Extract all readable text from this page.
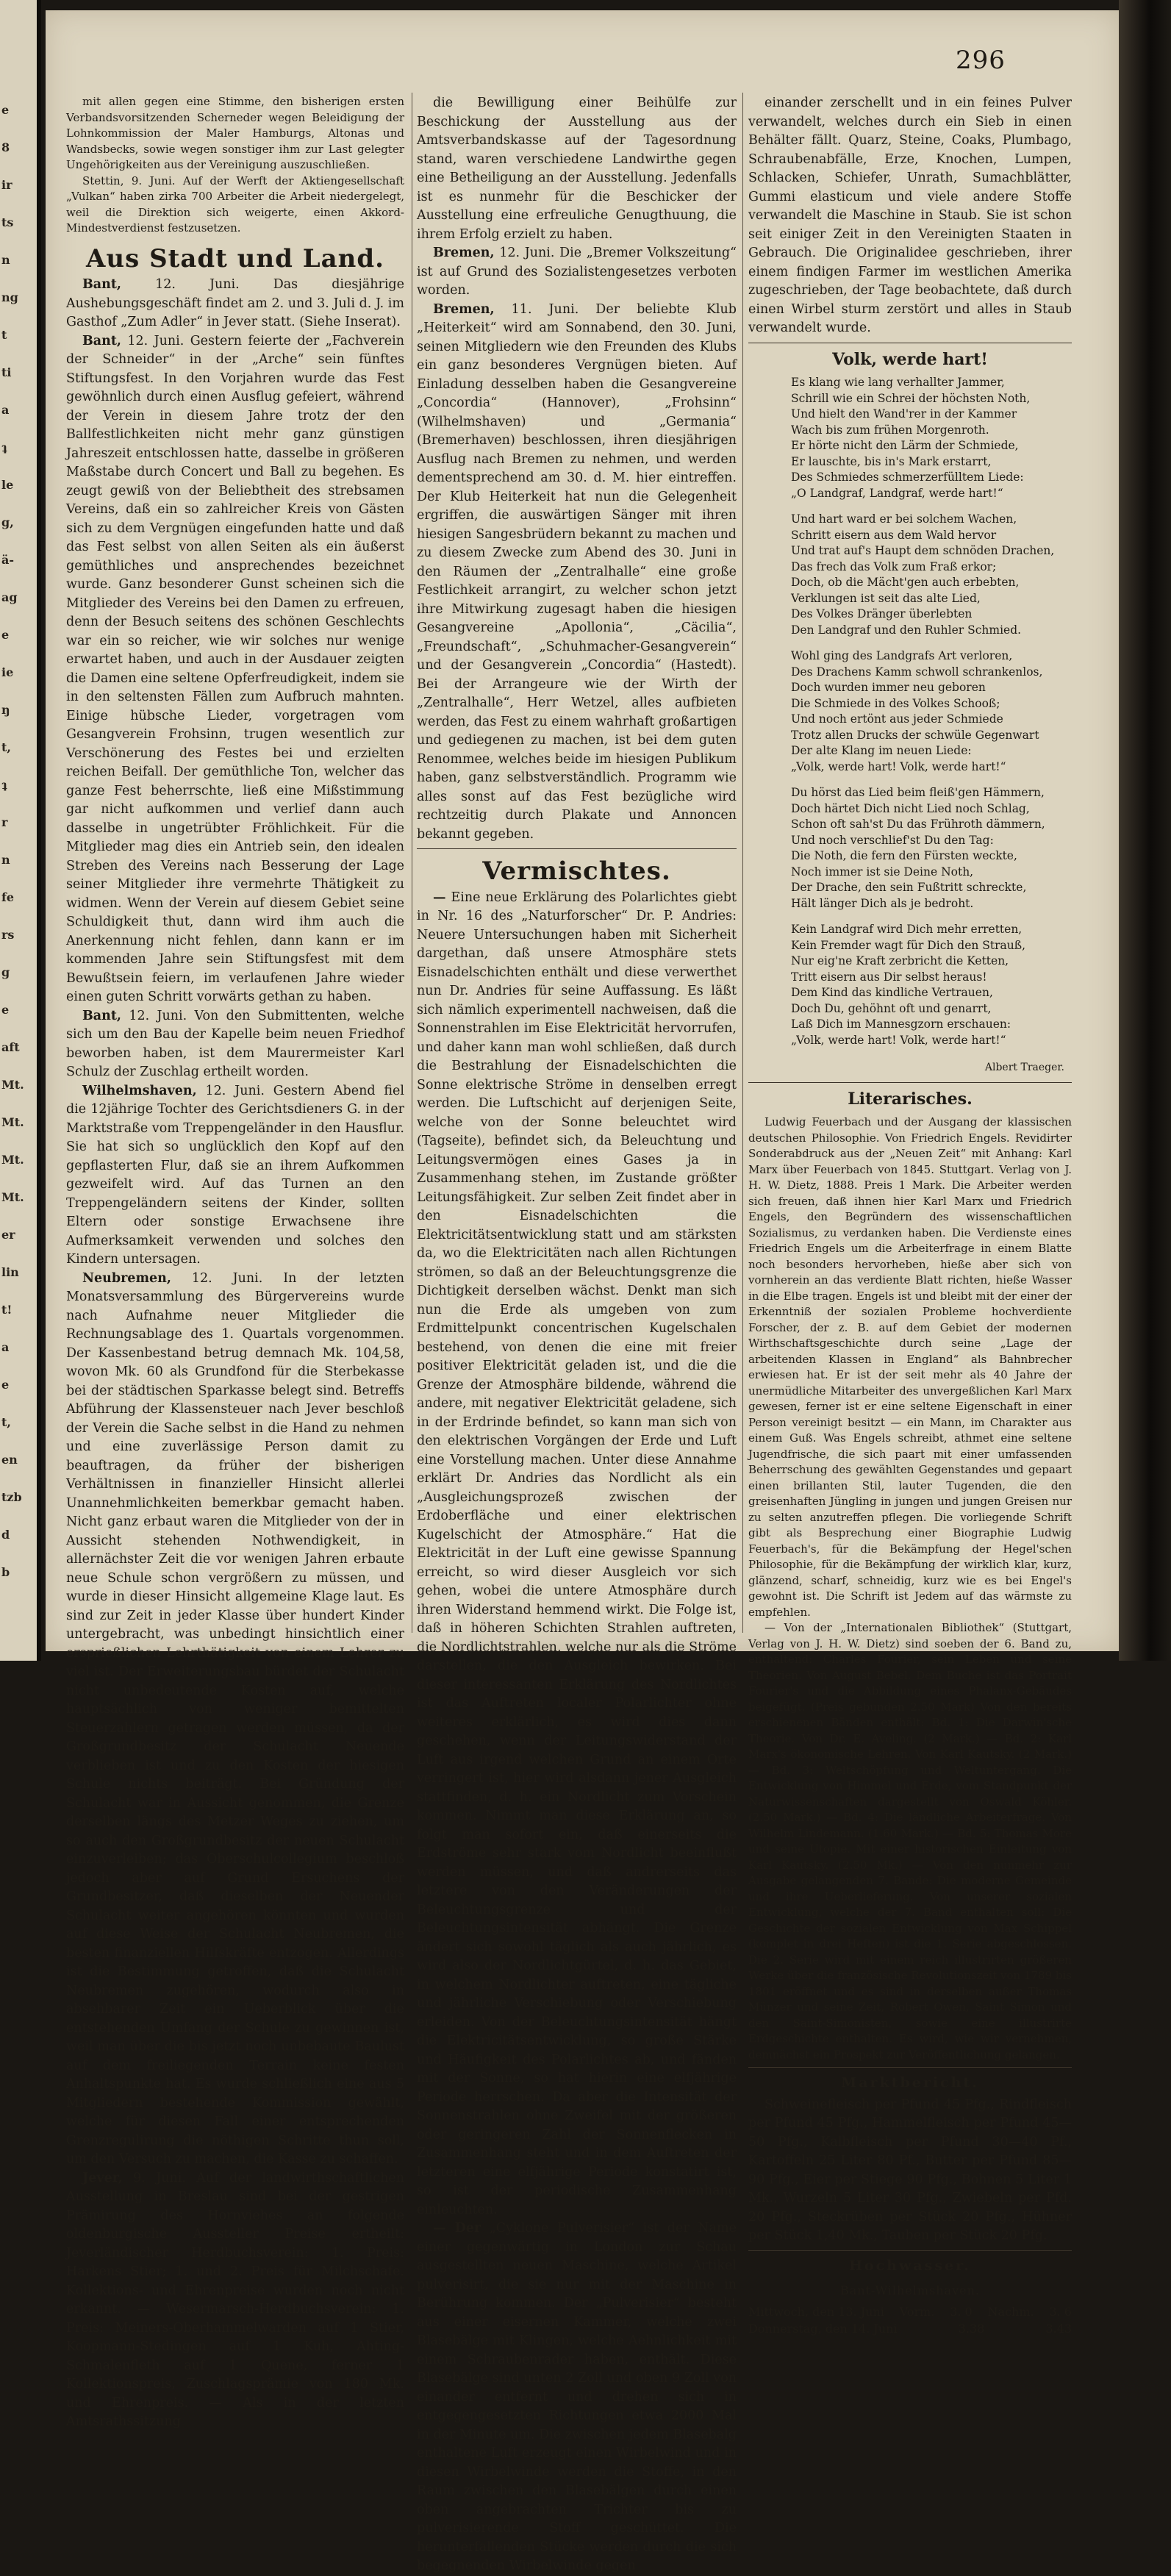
e
8
ir
ts
n
ng
t
ti
a
ʇ
le
g,
ä-
ag
e
ie
ŋ
t,
ʇ
r
n
fe
rs
g
e
aft
Mt.
Mt.
Mt.
Mt.
er
lin
t!
a
e
t,
en
tzb
d
b
296

mit allen gegen eine Stimme, den bisherigen ersten Verbandsvorsitzenden Scherneder wegen Beleidigung der Lohnkommission der Maler Hamburgs, Altonas und Wandsbecks, sowie wegen sonstiger ihm zur Last gelegter Ungehörigkeiten aus der Vereinigung auszuschließen.

Stettin, 9. Juni. Auf der Werft der Aktiengesellschaft „Vulkan“ haben zirka 700 Arbeiter die Arbeit niedergelegt, weil die Direktion sich weigerte, einen Akkord-Mindestverdienst festzusetzen.

Aus Stadt und Land.

Bant,	12. Juni. Das diesjährige Aushebungsgeschäft findet am 2. und 3. Juli d. J. im Gasthof „Zum Adler“ in Jever statt. (Siehe Inserat).

Bant, 12. Juni. Gestern feierte der „Fachverein der Schneider“ in der „Arche“ sein fünftes Stiftungsfest. In den Vorjahren wurde das Fest gewöhnlich durch einen Ausflug gefeiert, während der Verein in diesem Jahre trotz der den Ballfestlichkeiten nicht mehr ganz günstigen Jahreszeit entschlossen hatte, dasselbe in größeren Maßstabe durch Concert und Ball zu begehen. Es zeugt gewiß von der Beliebtheit des strebsamen Vereins, daß ein so zahlreicher Kreis von Gästen sich zu dem Vergnügen eingefunden hatte und daß das Fest selbst von allen Seiten als ein äußerst gemüthliches und ansprechendes bezeichnet wurde. Ganz besonderer Gunst scheinen sich die Mitglieder des Vereins bei den Damen zu erfreuen, denn der Besuch seitens des schönen Geschlechts war ein so reicher, wie wir solches nur wenige erwartet haben, und auch in der Ausdauer zeigten die Damen eine seltene Opferfreudigkeit, indem sie in den seltensten Fällen zum Aufbruch mahnten. Einige hübsche Lieder, vorgetragen vom Gesangverein Frohsinn, trugen wesentlich zur Verschönerung des Festes bei und erzielten reichen Beifall. Der gemüthliche Ton, welcher das ganze Fest beherrschte, ließ eine Mißstimmung gar nicht aufkommen und verlief dann auch dasselbe in ungetrübter Fröhlichkeit. Für die Mitglieder mag dies ein Antrieb sein, den idealen Streben des Vereins nach Besserung der Lage seiner Mitglieder ihre vermehrte Thätigkeit zu widmen. Wenn der Verein auf diesem Gebiet seine Schuldigkeit thut, dann wird ihm auch die Anerkennung nicht fehlen, dann kann er im kommenden Jahre sein Stiftungsfest mit dem Bewußtsein feiern, im verlaufenen Jahre wieder einen guten Schritt vorwärts gethan zu haben.

Bant, 12. Juni. Von den Submittenten, welche sich um den Bau der Kapelle beim neuen Friedhof beworben haben, ist dem Maurermeister Karl Schulz der Zuschlag ertheilt worden.

Wilhelmshaven, 12. Juni. Gestern Abend fiel die 12jährige Tochter des Gerichtsdieners G. in der Marktstraße vom Treppengeländer in den Hausflur. Sie hat sich so unglücklich den Kopf auf den gepflasterten Flur, daß sie an ihrem Aufkommen gezweifelt wird. Auf das Turnen an den Treppengeländern seitens der Kinder, sollten Eltern oder sonstige Erwachsene ihre Aufmerksamkeit verwenden und solches den Kindern untersagen.

Neubremen, 12. Juni. In der letzten Monatsversammlung des Bürgervereins wurde nach Aufnahme neuer Mitglieder die Rechnungsablage des 1. Quartals vorgenommen. Der Kassenbestand betrug demnach Mk. 104,58, wovon Mk. 60 als Grundfond für die Sterbekasse bei der städtischen Sparkasse belegt sind. Betreffs Abführung der Klassensteuer nach Jever beschloß der Verein die Sache selbst in die Hand zu nehmen und eine zuverlässige Person damit zu beauftragen, da früher der bisherigen Verhältnissen in finanzieller Hinsicht allerlei Unannehmlichkeiten bemerkbar gemacht haben. Nicht ganz erbaut waren die Mitglieder von der in Aussicht stehenden Nothwendigkeit, in allernächster Zeit die vor wenigen Jahren erbaute neue Schule schon vergrößern zu müssen, und wurde in dieser Hinsicht allgemeine Klage laut. Es sind zur Zeit in jeder Klasse über hundert Kinder untergebracht, was unbedingt hinsichtlich einer ersprießlichen Lehrthätigkeit von einem Lehrer zu viel ist. Der Erweiterungsbau bürdet der Schulacht nicht unbedeutende Kosten auf, welche hauptsächlich von weniger bemittelten Steuerzahlern getragen werden müssen, da der Großgrundbesitz der Schulacht Neuende verblieben ist und zu den Kosten der hiesigen Schule nichts beiträgt. Bei Gründung der Schulacht war in Aussicht genommen, die Grenze derselben längs des Metzer Weges zu ziehen, um so auch den Großgrundbesitz der neuen Schulacht einzuverleiben; das Oberschulcollegium beschloß jedoch aber auf Grund Ersuchens der Grundbesitzer, daß dieselben der Neuender Schulacht weiter angehören könnten und wurden auf diese Weise der Schulacht Neubremen, die besten finanziellen Hilfskräfte entzogen. Allerdings ist die Bestimmung getroffen, daß die Schulacht Neubremen zugehören, wodurch also in absehbarer Zeit ein Ueberblick über die entstehenden Umfang der Schule zu gewinnen ist, weil man über die bis jetzt noch unbebaute Baulust auf dem freiliegenden Terrain keine festen Anhaltspunkte hat. Es wurde schließlich eine aus 5 Mitgliedern bestehende Kommission gewählt, welche für diesen Fall einer entsprechenden Grenzregulirung die nöthigen Schritte thun soll, um den Versuch zu machen, die Kasse zu schaffen.

Jever, 9. Juni. Auf der landwirthschaftlichen Ausstellung in Breslau sind bei der gestrigen Prämirung des Hornviehes an folgende oldenburgische Aussteller Preise ertheilt: Jeverländischer Herdbuchsverein: 1. Preis: Harkens Stier; 1. und 2. Preis für Milchschafe. Kollektions- und Ehrenpreise wurden noch nicht erkannt. — Wesermarsch-Herdbuchsverein: 1. Preis: Meiners-Oberhammelwarden auf 1 Stier, Koopmann-Stedingen auf 1 Kuh, Ahting-Schmalenfleth auf 1 Quene, ferner 1 Kollektionspreis, Zuschlagsprämie von 180 Mk. und Ehrenpreis. — Als in der letzten Amtsrathssitzung

die Bewilligung einer Beihülfe zur Beschickung der Ausstellung aus der Amtsverbandskasse auf der Tagesordnung stand, waren verschiedene Landwirthe gegen eine Betheiligung an der Ausstellung. Jedenfalls ist es nunmehr für die Beschicker der Ausstellung eine erfreuliche Genugthuung, die ihrem Erfolg erzielt zu haben.

Bremen, 12. Juni. Die „Bremer Volkszeitung“ ist auf Grund des Sozialistengesetzes verboten worden.

Bremen, 11. Juni. Der beliebte Klub „Heiterkeit“ wird am Sonnabend, den 30. Juni, seinen Mitgliedern wie den Freunden des Klubs ein ganz besonderes Vergnügen bieten. Auf Einladung desselben haben die Gesangvereine „Concordia“ (Hannover), „Frohsinn“ (Wilhelmshaven) und „Germania“ (Bremerhaven) beschlossen, ihren diesjährigen Ausflug nach Bremen zu nehmen, und werden dementsprechend am 30. d. M. hier eintreffen. Der Klub Heiterkeit hat nun die Gelegenheit ergriffen, die auswärtigen Sänger mit ihren hiesigen Sangesbrüdern bekannt zu machen und zu diesem Zwecke zum Abend des 30. Juni in den Räumen der „Zentralhalle“ eine große Festlichkeit arrangirt, zu welcher schon jetzt ihre Mitwirkung zugesagt haben die hiesigen Gesangvereine „Apollonia“, „Cäcilia“, „Freundschaft“, „Schuhmacher-Gesangverein“ und der Gesangverein „Concordia“ (Hastedt). Bei der Arrangeure wie der Wirth der „Zentralhalle“, Herr Wetzel, alles aufbieten werden, das Fest zu einem wahrhaft großartigen und gediegenen zu machen, ist bei dem guten Renommee, welches beide im hiesigen Publikum haben, ganz selbstverständlich. Programm wie alles sonst auf das Fest bezügliche wird rechtzeitig durch Plakate und Annoncen bekannt gegeben.

Vermischtes.

— Eine neue Erklärung des Polarlichtes giebt in Nr. 16 des „Naturforscher“ Dr. P. Andries: Neuere Untersuchungen haben mit Sicherheit dargethan, daß unsere Atmosphäre stets Eisnadelschichten enthält und diese verwerthet nun Dr. Andries für seine Auffassung. Es läßt sich nämlich experimentell nachweisen, daß die Sonnenstrahlen im Eise Elektricität hervorrufen, und daher kann man wohl schließen, daß durch die Bestrahlung der Eisnadelschichten die Sonne elektrische Ströme in denselben erregt werden. Die Luftschicht auf derjenigen Seite, welche von der Sonne beleuchtet wird (Tagseite), befindet sich, da Beleuchtung und Leitungsvermögen eines Gases ja in Zusammenhang stehen, im Zustande größter Leitungsfähigkeit. Zur selben Zeit findet aber in den Eisnadelschichten die Elektricitätsentwicklung statt und am stärksten da, wo die Elektricitäten nach allen Richtungen strömen, so daß an der Beleuchtungsgrenze die Dichtigkeit derselben wächst. Denkt man sich nun die Erde als umgeben von zum Erdmittelpunkt concentrischen Kugelschalen bestehend, von denen die eine mit freier positiver Elektricität geladen ist, und die die Grenze der Atmosphäre bildende, während die andere, mit negativer Elektricität geladene, sich in der Erdrinde befindet, so kann man sich von den elektrischen Vorgängen der Erde und Luft eine Vorstellung machen. Unter diese Annahme erklärt Dr. Andries das Nordlicht als ein „Ausgleichungsprozeß zwischen der Erdoberfläche und einer elektrischen Kugelschicht der Atmosphäre.“ Hat die Elektricität in der Luft eine gewisse Spannung erreicht, so wird dieser Ausgleich vor sich gehen, wobei die untere Atmosphäre durch ihren Widerstand hemmend wirkt. Die Folge ist, daß in höheren Schichten Strahlen auftreten, die Nordlichtstrahlen, welche nur als die Ströme darstellen, die den Ausgleich bewirken. Bei dieser interessanten Erklärung des Nordlichtes ist das Auftreten localer Polarlichter ohne weiteres erklärlich, es wird dies dann geschehen, wenn der Leitungswiderstand der Luft aus irgend welchen Grund an einem Orte verringert ist, hier wird alsdann jener Ausgleich stattfinden, d. h. ein Nordlicht zum Vorschein kommen. Nimmt man diese Erklärung an, so folgt man sofort ein, daß einerseits die Erdströme sehr stark vom Nordlicht beeinflußt werden müssen, und daß andrerseits das letztere von den Veränderungen der Beleuchtungsgrenze und der Beleuchtungsintensität abhängt. Die Grenze ändert sich sowohl täglich als auch jährlich, es wird also der Nordlichtgürtel, d. h. das Gebiet, in welchem Nordlichter auftreten, eine tägliche und jährliche Verschiebung oder Verschiebung erleiden. Von der Beleuchtungsintensität hängt die Elektricitätsentwicklung, so große Stärke und Häufigkeit des Polarlichtes ab, und fänden mit der Sonne, so hat hierin eine elfjährige Periode herrschen. Da aber die Intensität der Sonnenstrahlen ohne Zweifel mit der größeren oder geringeren Zahl der Sonnenflecken in Zusammenhang steht und in dem Auftreten der letzteren eine elfjährige Periode konstatirt ist, so ist der periodische Zusammenhang einleuchten.

— Der „Cyklone Pulverisier“ ist der Name einer gegenwärtig in London zur Schau ausgestellten neuen Maschine, welche Artikel pulverisirt, die sie nur mit der Maschine in Berührung kommen. Der „Pulverisier“ besteht aus einer eisernen Kammer, welche zwei Blasebälge mit Klingen, welche Aehnlichkeit mit einem Schraubenrader haben, enthält. Diese Blasebälge sind unten 2 Zoll und oben 9 Zoll von einander entfernt und drehen sich in entgegengesetzten Richtungen etwa 2000 Mal in der Minute um. Die zwischen jedem Blasebalg enthaltene Luft erzeugt einen Wirbelwind und in diesen Wirbelwinde werden die Stoffe, in den Raum zwischen den Blasebälgen durch einen oben angebrachten Trichter bis zu pulverisierende Stoff geschüttet. Die herunterfallenden Stücke werden durch die sich begegnenden Wirbelwinde gegen

einander zerschellt und in ein feines Pulver verwandelt, welches durch ein Sieb in einen Behälter fällt. Quarz, Steine, Coaks, Plumbago, Schraubenabfälle, Erze, Knochen, Lumpen, Schlacken, Schiefer, Unrath, Sumachblätter, Gummi elasticum und viele andere Stoffe verwandelt die Maschine in Staub. Sie ist schon seit einiger Zeit in den Vereinigten Staaten in Gebrauch. Die Originalidee geschrieben, ihrer einem findigen Farmer im westlichen Amerika zugeschrieben, der Tage beobachtete, daß durch einen Wirbel sturm zerstört und alles in Staub verwandelt wurde.

Volk, werde hart!
Es klang wie lang verhallter Jammer,
Schrill wie ein Schrei der höchsten Noth,
Und hielt den Wand'rer in der Kammer
Wach bis zum frühen Morgenroth.
Er hörte nicht den Lärm der Schmiede,
Er lauschte, bis in's Mark erstarrt,
Des Schmiedes schmerzerfülltem Liede:
„O Landgraf, Landgraf, werde hart!“
Und hart ward er bei solchem Wachen,
Schritt eisern aus dem Wald hervor
Und trat auf's Haupt dem schnöden Drachen,
Das frech das Volk zum Fraß erkor;
Doch, ob die Mächt'gen auch erbebten,
Verklungen ist seit das alte Lied,
Des Volkes Dränger überlebten
Den Landgraf und den Ruhler Schmied.
Wohl ging des Landgrafs Art verloren,
Des Drachens Kamm schwoll schrankenlos,
Doch wurden immer neu geboren
Die Schmiede in des Volkes Schooß;
Und noch ertönt aus jeder Schmiede
Trotz allen Drucks der schwüle Gegenwart
Der alte Klang im neuen Liede:
„Volk, werde hart! Volk, werde hart!“
Du hörst das Lied beim fleiß'gen Hämmern,
Doch härtet Dich nicht Lied noch Schlag,
Schon oft sah'st Du das Frühroth dämmern,
Und noch verschlief'st Du den Tag:
Die Noth, die fern den Fürsten weckte,
Noch immer ist sie Deine Noth,
Der Drache, den sein Fußtritt schreckte,
Hält länger Dich als je bedroht.
Kein Landgraf wird Dich mehr erretten,
Kein Fremder wagt für Dich den Strauß,
Nur eig'ne Kraft zerbricht die Ketten,
Tritt eisern aus Dir selbst heraus!
Dem Kind das kindliche Vertrauen,
Doch Du, gehöhnt oft und genarrt,
Laß Dich im Mannesgzorn erschauen:
„Volk, werde hart! Volk, werde hart!“
Albert Traeger.
Literarisches.

Ludwig Feuerbach und der Ausgang der klassischen deutschen Philosophie. Von Friedrich Engels. Revidirter Sonderabdruck aus der „Neuen Zeit“ mit Anhang: Karl Marx über Feuerbach von 1845. Stuttgart. Verlag von J. H. W. Dietz, 1888. Preis 1 Mark. Die Arbeiter werden sich freuen, daß ihnen hier Karl Marx und Friedrich Engels, den Begründern des wissenschaftlichen Sozialismus, zu verdanken haben. Die Verdienste eines Friedrich Engels um die Arbeiterfrage in einem Blatte noch besonders hervorheben, hieße aber sich von vornherein an das verdiente Blatt richten, hieße Wasser in die Elbe tragen. Engels ist und bleibt mit der einer der Erkenntniß der sozialen Probleme hochverdiente Forscher, der z. B. auf dem Gebiet der modernen Wirthschaftsgeschichte durch seine „Lage der arbeitenden Klassen in England“ als Bahnbrecher erwiesen hat. Er ist der seit mehr als 40 Jahre der unermüdliche Mitarbeiter des unvergeßlichen Karl Marx gewesen, ferner ist er eine seltene Eigenschaft in einer Person vereinigt besitzt — ein Mann, im Charakter aus einem Guß. Was Engels schreibt, athmet eine seltene Jugendfrische, die sich paart mit einer umfassenden Beherrschung des gewählten Gegenstandes und gepaart einen brillanten Stil, lauter Tugenden, die den greisenhaften Jüngling in jungen und jungen Greisen nur zu selten anzutreffen pflegen. Die vorliegende Schrift gibt als Besprechung einer Biographie Ludwig Feuerbach's, für die Bekämpfung der Hegel'schen Philosophie, für die Bekämpfung der wirklich klar, kurz, glänzend, scharf, schneidig, kurz wie es bei Engel's gewohnt ist. Die Schrift ist Jedem auf das wärmste zu empfehlen.

— Von der „Internationalen Bibliothek“ (Stuttgart, Verlag von J. H. W. Dietz) sind soeben der 6. Band zu, enthaltend: Charles Fourier, sein Leben und seine Theorien. Von August Bebel. Dem Buche ist das Portrait Fourier's und die Abbildung eines Phalanx-Gebäudes beigefügt. (Preis gebunden 2.50 Mark) Von den bereits erschienenen Bänden enthält: Bd. 1: Die Darwin'sche Theorie. Von Dr. E. Aveling. (2 Mark.) — Bd. 2: Karl Marx's ökonomische Lehren. Von Karl Kautsky. (2 Mark.) — Bd. 3: Weltschöpfung und Weltuntergang. Die Entwicklung von Himmel und Erde, vom Standpunkt der Naturwissenschaften dargestellt von Oswald Köhler. (2.50 Mark.) — Bd. 4: Die ländliche Arbeiterfrage. Von Wilhelm Lindemann. (1.60 Mark.) — Bd. 5: Thomas More und seine Utopie. Mit einer historischen Einleitung von Karl Kautsky. (2.50 Mk.) — Von den nunmehr zur Ausgabe gelangenden 7. Bande: Die moderne Gemeinde und ihre Ueberlieferung. Von unserer sozialen Entwicklung, welche der 7. Band enthalten soll: Die Geschichte der sozialen Entwicklung von Max Schippel (komplet in drei Heften) ist die 1. Serie abgeschlossen. Die 2. Serie wird mit einem reich illustrirten größeren Werke über die französische Revolutionszeit von 1789 bis 1801 eröffnet und es sind in derselben außer Thomas Münzer und seine Zeit, Robert Owen, Saint Simon und den Saint-Simonisten, sowie eine illustrirte Erdgeschichte enthalten. Es wird, wie wir vernehmen, demnächst ein Prospekt zur Veröffentlichung gelangen.

Marktbericht.

Schweinefleisch per Pfund 45 Pfg., Rindfleisch per Pfund 45 Pfg., Hammelfleisch per Pfund 45—50 Pfg., Kalbfleisch per Pfund 30—40 Pf., Kartoffeln 25 Liter 80 Pf., Butter per Pfund 85—90 Pfg., Eier per Stiege 90 Pfg., Bohnen 5 Liter 1 Mk., Wurzeln 5 Liter 30 Pfg., Zwiebeln per Pfd. 20 Pfg., Steckrüben per Stück 20 Pfg., Hühner per Stück 1,40 Mk., Tauben per Stück 20 Pfg.

Hochwasser.
Bant-Wilhelmshaven.
Mittwoch, den 13. Juni Vorm. 3. 0 Nachm. 3. 6
Donnerstag, den 14. Juni	3.38	3.43
